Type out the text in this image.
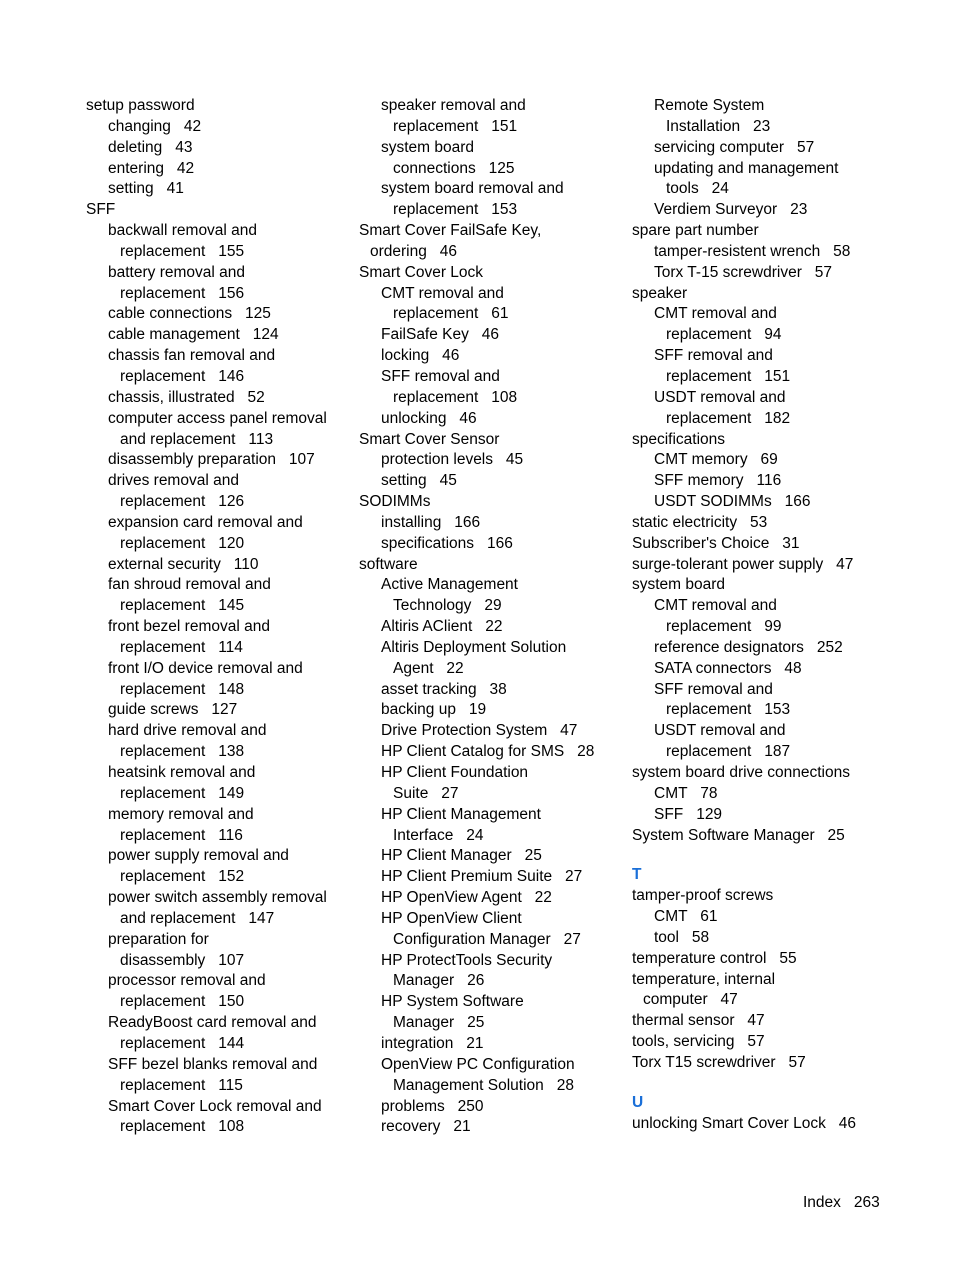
setup password
changing   42
deleting   43
entering   42
setting   41
SFF
backwall removal and
replacement   155
battery removal and
replacement   156
cable connections   125
cable management   124
chassis fan removal and
replacement   146
chassis, illustrated   52
computer access panel removal
and replacement   113
disassembly preparation   107
drives removal and
replacement   126
expansion card removal and
replacement   120
external security   110
fan shroud removal and
replacement   145
front bezel removal and
replacement   114
front I/O device removal and
replacement   148
guide screws   127
hard drive removal and
replacement   138
heatsink removal and
replacement   149
memory removal and
replacement   116
power supply removal and
replacement   152
power switch assembly removal
and replacement   147
preparation for
disassembly   107
processor removal and
replacement   150
ReadyBoost card removal and
replacement   144
SFF bezel blanks removal and
replacement   115
Smart Cover Lock removal and
replacement   108
speaker removal and
replacement   151
system board
connections   125
system board removal and
replacement   153
Smart Cover FailSafe Key,
ordering   46
Smart Cover Lock
CMT removal and
replacement   61
FailSafe Key   46
locking   46
SFF removal and
replacement   108
unlocking   46
Smart Cover Sensor
protection levels   45
setting   45
SODIMMs
installing   166
specifications   166
software
Active Management
Technology   29
Altiris AClient   22
Altiris Deployment Solution
Agent   22
asset tracking   38
backing up   19
Drive Protection System   47
HP Client Catalog for SMS   28
HP Client Foundation
Suite   27
HP Client Management
Interface   24
HP Client Manager   25
HP Client Premium Suite   27
HP OpenView Agent   22
HP OpenView Client
Configuration Manager   27
HP ProtectTools Security
Manager   26
HP System Software
Manager   25
integration   21
OpenView PC Configuration
Management Solution   28
problems   250
recovery   21
Remote System
Installation   23
servicing computer   57
updating and management
tools   24
Verdiem Surveyor   23
spare part number
tamper-resistent wrench   58
Torx T-15 screwdriver   57
speaker
CMT removal and
replacement   94
SFF removal and
replacement   151
USDT removal and
replacement   182
specifications
CMT memory   69
SFF memory   116
USDT SODIMMs   166
static electricity   53
Subscriber's Choice   31
surge-tolerant power supply   47
system board
CMT removal and
replacement   99
reference designators   252
SATA connectors   48
SFF removal and
replacement   153
USDT removal and
replacement   187
system board drive connections
CMT   78
SFF   129
System Software Manager   25
T
tamper-proof screws
CMT   61
tool   58
temperature control   55
temperature, internal
computer   47
thermal sensor   47
tools, servicing   57
Torx T15 screwdriver   57
U
unlocking Smart Cover Lock   46
Index   263
